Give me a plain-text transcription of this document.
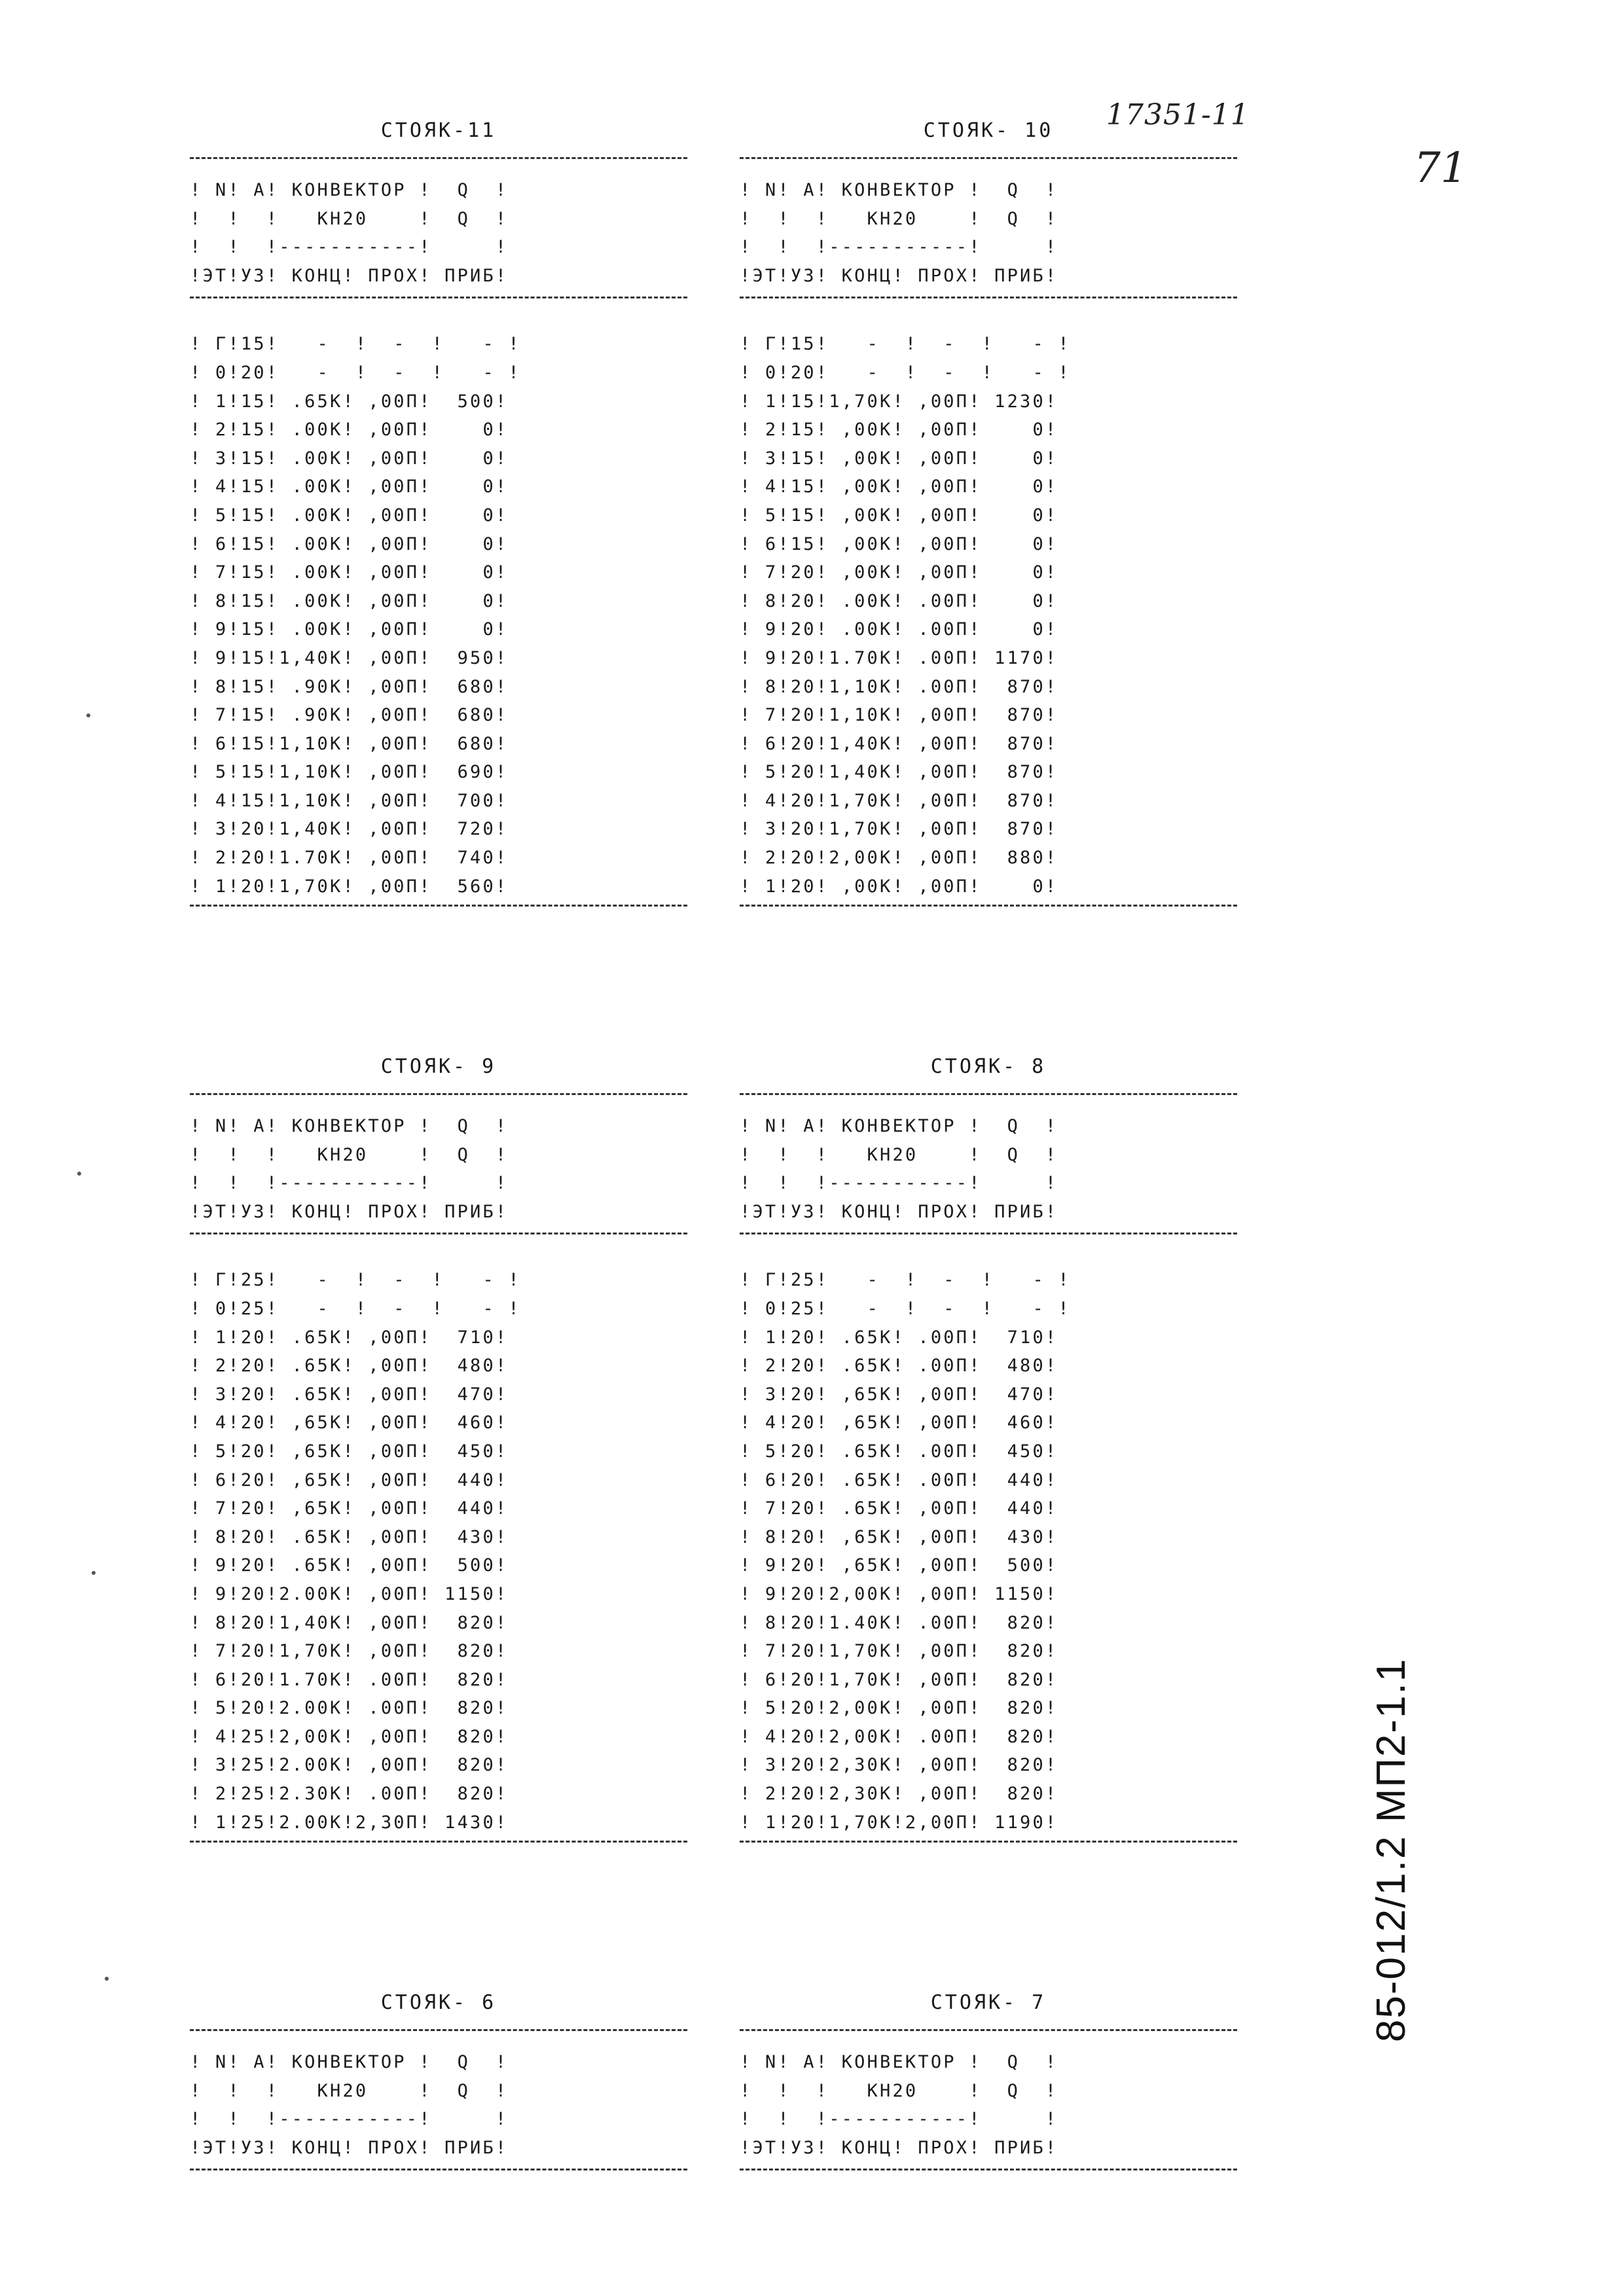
17351-11
71
85-012/1.2 МП2-1.1
СТОЯК-11
! N! A! КОНВЕКТОР !  Q  !
!  !  !   КН20    !  Q  !
!  !  !-----------!     !
!ЭТ!УЗ! КОНЦ! ПРОХ! ПРИБ!
! Г!15!   -  !  -  !   - !
! 0!20!   -  !  -  !   - !
! 1!15! .65К! ,00П!  500!
! 2!15! .00К! ,00П!    0!
! 3!15! .00К! ,00П!    0!
! 4!15! .00К! ,00П!    0!
! 5!15! .00К! ,00П!    0!
! 6!15! .00К! ,00П!    0!
! 7!15! .00К! ,00П!    0!
! 8!15! .00К! ,00П!    0!
! 9!15! .00К! ,00П!    0!
! 9!15!1,40К! ,00П!  950!
! 8!15! .90К! ,00П!  680!
! 7!15! .90К! ,00П!  680!
! 6!15!1,10К! ,00П!  680!
! 5!15!1,10К! ,00П!  690!
! 4!15!1,10К! ,00П!  700!
! 3!20!1,40К! ,00П!  720!
! 2!20!1.70К! ,00П!  740!
! 1!20!1,70К! ,00П!  560!
СТОЯК- 10
! N! A! КОНВЕКТОР !  Q  !
!  !  !   КН20    !  Q  !
!  !  !-----------!     !
!ЭТ!УЗ! КОНЦ! ПРОХ! ПРИБ!
! Г!15!   -  !  -  !   - !
! 0!20!   -  !  -  !   - !
! 1!15!1,70К! ,00П! 1230!
! 2!15! ,00К! ,00П!    0!
! 3!15! ,00К! ,00П!    0!
! 4!15! ,00К! ,00П!    0!
! 5!15! ,00К! ,00П!    0!
! 6!15! ,00К! ,00П!    0!
! 7!20! ,00К! ,00П!    0!
! 8!20! .00К! .00П!    0!
! 9!20! .00К! .00П!    0!
! 9!20!1.70К! .00П! 1170!
! 8!20!1,10К! .00П!  870!
! 7!20!1,10К! ,00П!  870!
! 6!20!1,40К! ,00П!  870!
! 5!20!1,40К! ,00П!  870!
! 4!20!1,70К! ,00П!  870!
! 3!20!1,70К! ,00П!  870!
! 2!20!2,00К! ,00П!  880!
! 1!20! ,00К! ,00П!    0!
СТОЯК- 9
! N! A! КОНВЕКТОР !  Q  !
!  !  !   КН20    !  Q  !
!  !  !-----------!     !
!ЭТ!УЗ! КОНЦ! ПРОХ! ПРИБ!
! Г!25!   -  !  -  !   - !
! 0!25!   -  !  -  !   - !
! 1!20! .65К! ,00П!  710!
! 2!20! .65К! ,00П!  480!
! 3!20! .65К! ,00П!  470!
! 4!20! ,65К! ,00П!  460!
! 5!20! ,65К! ,00П!  450!
! 6!20! ,65К! ,00П!  440!
! 7!20! ,65К! ,00П!  440!
! 8!20! .65К! ,00П!  430!
! 9!20! .65К! ,00П!  500!
! 9!20!2.00К! ,00П! 1150!
! 8!20!1,40К! ,00П!  820!
! 7!20!1,70К! ,00П!  820!
! 6!20!1.70К! .00П!  820!
! 5!20!2.00К! .00П!  820!
! 4!25!2,00К! ,00П!  820!
! 3!25!2.00К! ,00П!  820!
! 2!25!2.30К! .00П!  820!
! 1!25!2.00К!2,30П! 1430!
СТОЯК- 8
! N! A! КОНВЕКТОР !  Q  !
!  !  !   КН20    !  Q  !
!  !  !-----------!     !
!ЭТ!УЗ! КОНЦ! ПРОХ! ПРИБ!
! Г!25!   -  !  -  !   - !
! 0!25!   -  !  -  !   - !
! 1!20! .65К! .00П!  710!
! 2!20! .65К! .00П!  480!
! 3!20! ,65К! ,00П!  470!
! 4!20! ,65К! ,00П!  460!
! 5!20! .65К! .00П!  450!
! 6!20! .65К! .00П!  440!
! 7!20! .65К! ,00П!  440!
! 8!20! ,65К! ,00П!  430!
! 9!20! ,65К! ,00П!  500!
! 9!20!2,00К! ,00П! 1150!
! 8!20!1.40К! .00П!  820!
! 7!20!1,70К! ,00П!  820!
! 6!20!1,70К! ,00П!  820!
! 5!20!2,00К! ,00П!  820!
! 4!20!2,00К! .00П!  820!
! 3!20!2,30К! ,00П!  820!
! 2!20!2,30К! ,00П!  820!
! 1!20!1,70К!2,00П! 1190!
СТОЯК- 6
! N! A! КОНВЕКТОР !  Q  !
!  !  !   КН20    !  Q  !
!  !  !-----------!     !
!ЭТ!УЗ! КОНЦ! ПРОХ! ПРИБ!
СТОЯК- 7
! N! A! КОНВЕКТОР !  Q  !
!  !  !   КН20    !  Q  !
!  !  !-----------!     !
!ЭТ!УЗ! КОНЦ! ПРОХ! ПРИБ!
